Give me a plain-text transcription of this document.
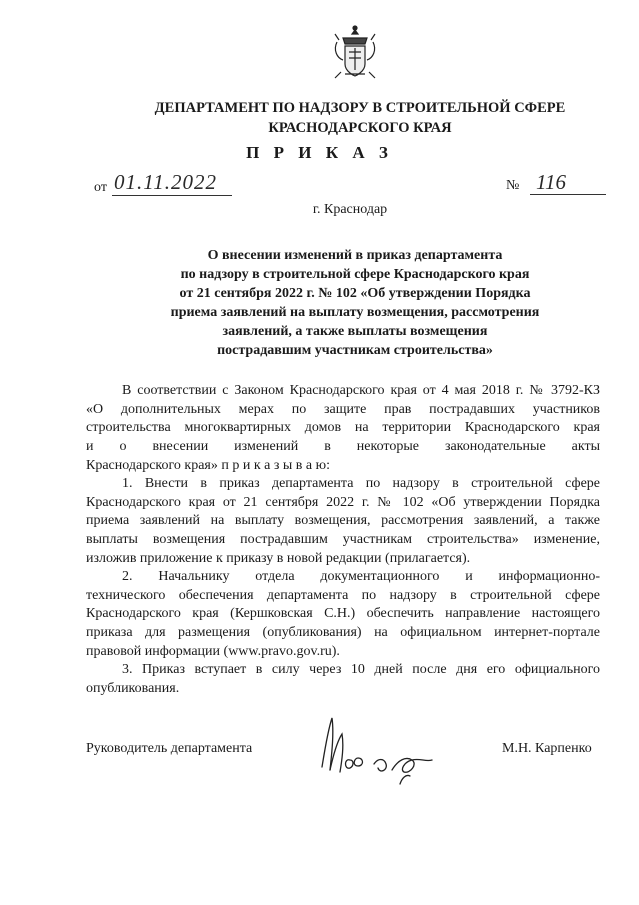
ДЕПАРТАМЕНТ ПО НАДЗОРУ В СТРОИТЕЛЬНОЙ СФЕРЕ
КРАСНОДАРСКОГО КРАЯ
П Р И К А З
от 01.11.2022	№ 116
г. Краснодар
О внесении изменений в приказ департамента
по надзору в строительной сфере Краснодарского края
от 21 сентября 2022 г. № 102 «Об утверждении Порядка
приема заявлений на выплату возмещения, рассмотрения
заявлений, а также выплаты возмещения
пострадавшим участникам строительства»
В соответствии с Законом Краснодарского края от 4 мая 2018 г. № 3792-КЗ
«О дополнительных мерах по защите прав пострадавших участников
строительства многоквартирных домов на территории Краснодарского края
и о внесении изменений в некоторые законодательные акты
Краснодарского края» п р и к а з ы в а ю:
1. Внести в приказ департамента по надзору в строительной сфере
Краснодарского края от 21 сентября 2022 г. № 102 «Об утверждении Порядка
приема заявлений на выплату возмещения, рассмотрения заявлений, а также
выплаты возмещения пострадавшим участникам строительства» изменение,
изложив приложение к приказу в новой редакции (прилагается).
2. Начальнику отдела документационного и информационно-
технического обеспечения департамента по надзору в строительной сфере
Краснодарского края (Кершковская С.Н.) обеспечить направление настоящего
приказа для размещения (опубликования) на официальном интернет-портале
правовой информации (www.pravo.gov.ru).
3. Приказ вступает в силу через 10 дней после дня его официального
опубликования.
Руководитель департамента	М.Н. Карпенко
